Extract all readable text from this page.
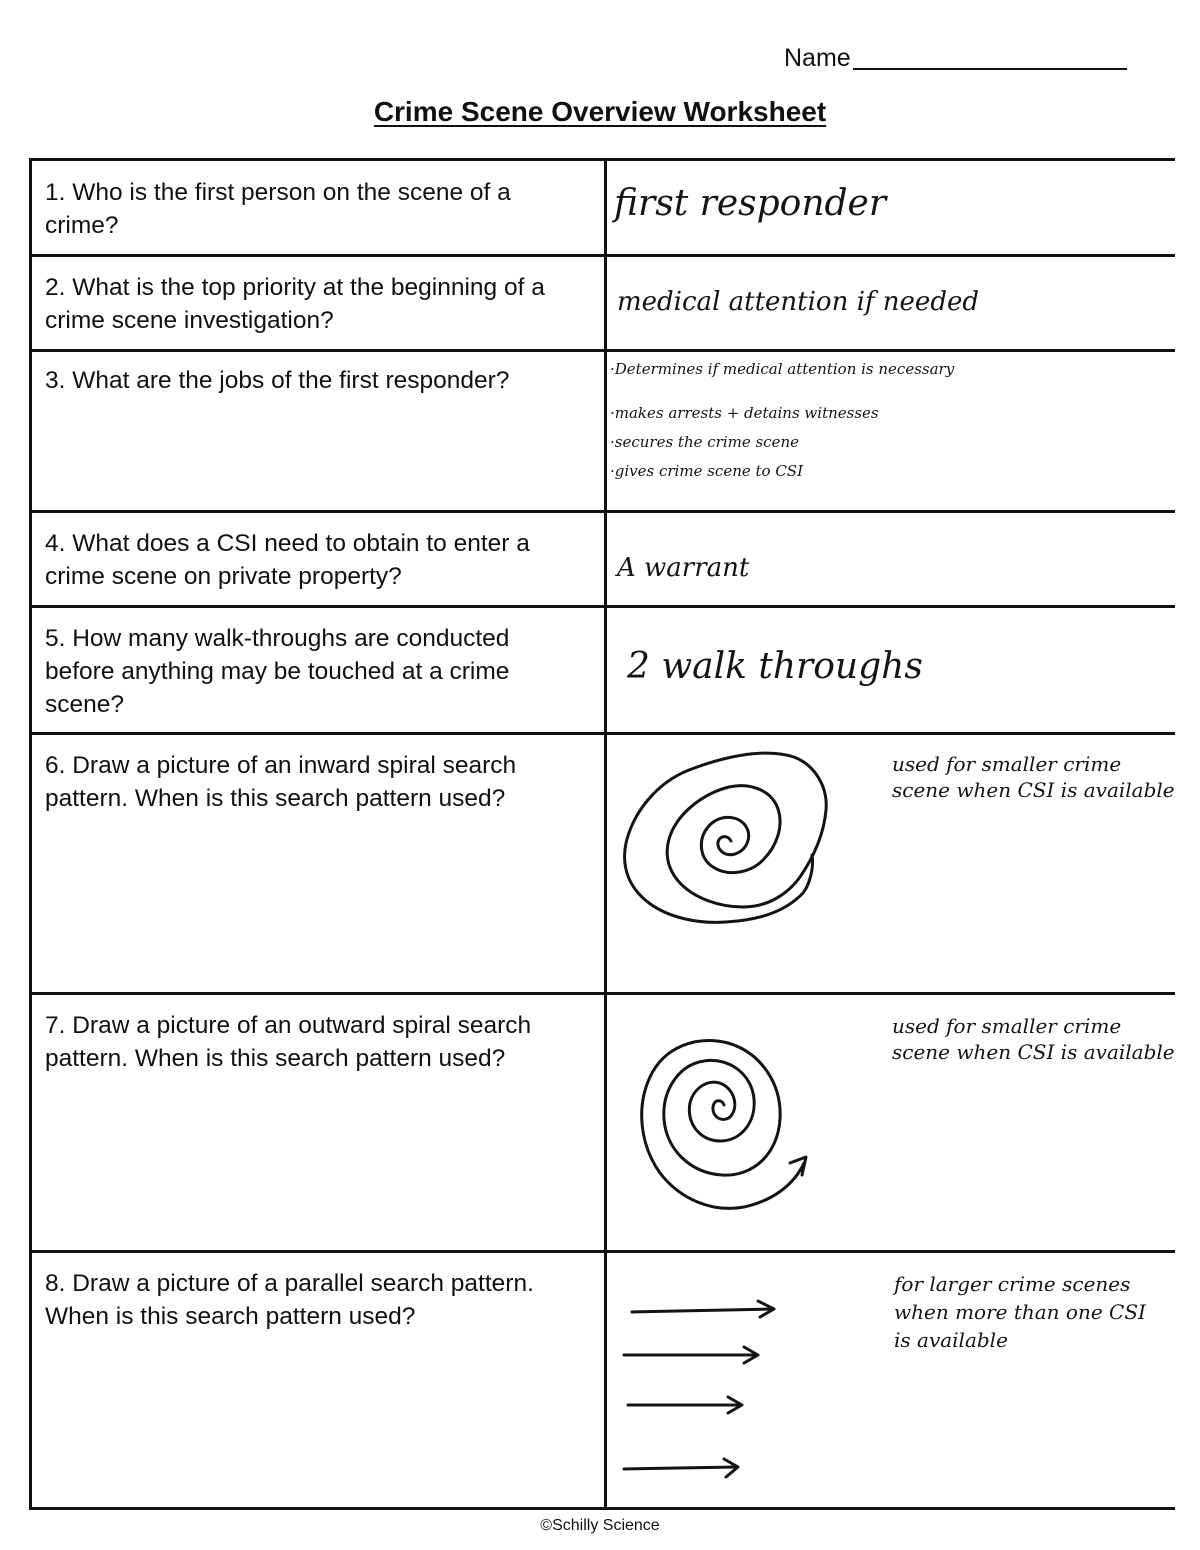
Name
Crime Scene Overview Worksheet
1. Who is the first person on the scene of a crime?
first responder
2. What is the top priority at the beginning of a crime scene investigation?
medical attention if needed
3. What are the jobs of the first responder?	·Determines if medical attention is necessary
·makes arrests + detains witnesses
·secures the crime scene
·gives crime scene to CSI
4. What does a CSI need to obtain to enter a crime scene on private property?	A warrant
5. How many walk-throughs are conducted before anything may be touched at a crime scene?
2 walk throughs
6. Draw a picture of an inward spiral search pattern. When is this search pattern used?
used for smaller crime
scene when CSI is available
7. Draw a picture of an outward spiral search pattern. When is this search pattern used?
used for smaller crime
scene when CSI is available
8. Draw a picture of a parallel search pattern. When is this search pattern used?
for larger crime scenes
when more than one CSI
is available
©Schilly Science
